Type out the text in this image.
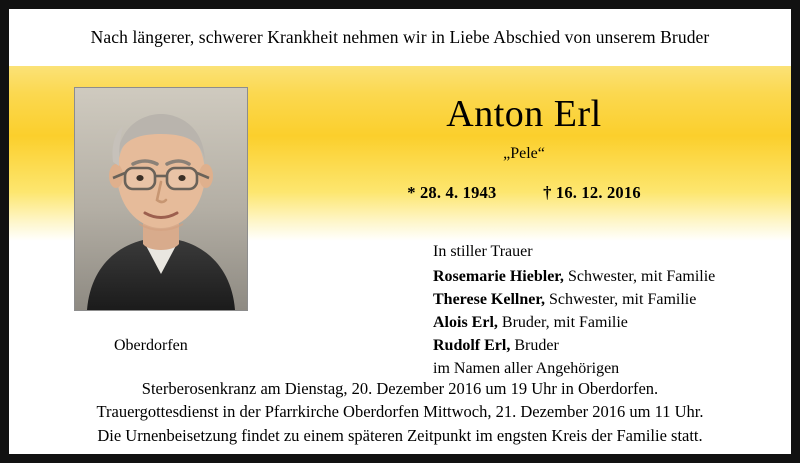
Nach längerer, schwerer Krankheit nehmen wir in Liebe Abschied von unserem Bruder
Anton Erl
„Pele“
* 28. 4. 1943	† 16. 12. 2016
In stiller Trauer
Rosemarie Hiebler, Schwester, mit Familie
Therese Kellner, Schwester, mit Familie
Alois Erl, Bruder, mit Familie
Rudolf Erl, Bruder
im Namen aller Angehörigen
Oberdorfen
Sterberosenkranz am Dienstag, 20. Dezember 2016 um 19 Uhr in Oberdorfen.
Trauergottesdienst in der Pfarrkirche Oberdorfen Mittwoch, 21. Dezember 2016 um 11 Uhr.
Die Urnenbeisetzung findet zu einem späteren Zeitpunkt im engsten Kreis der Familie statt.
